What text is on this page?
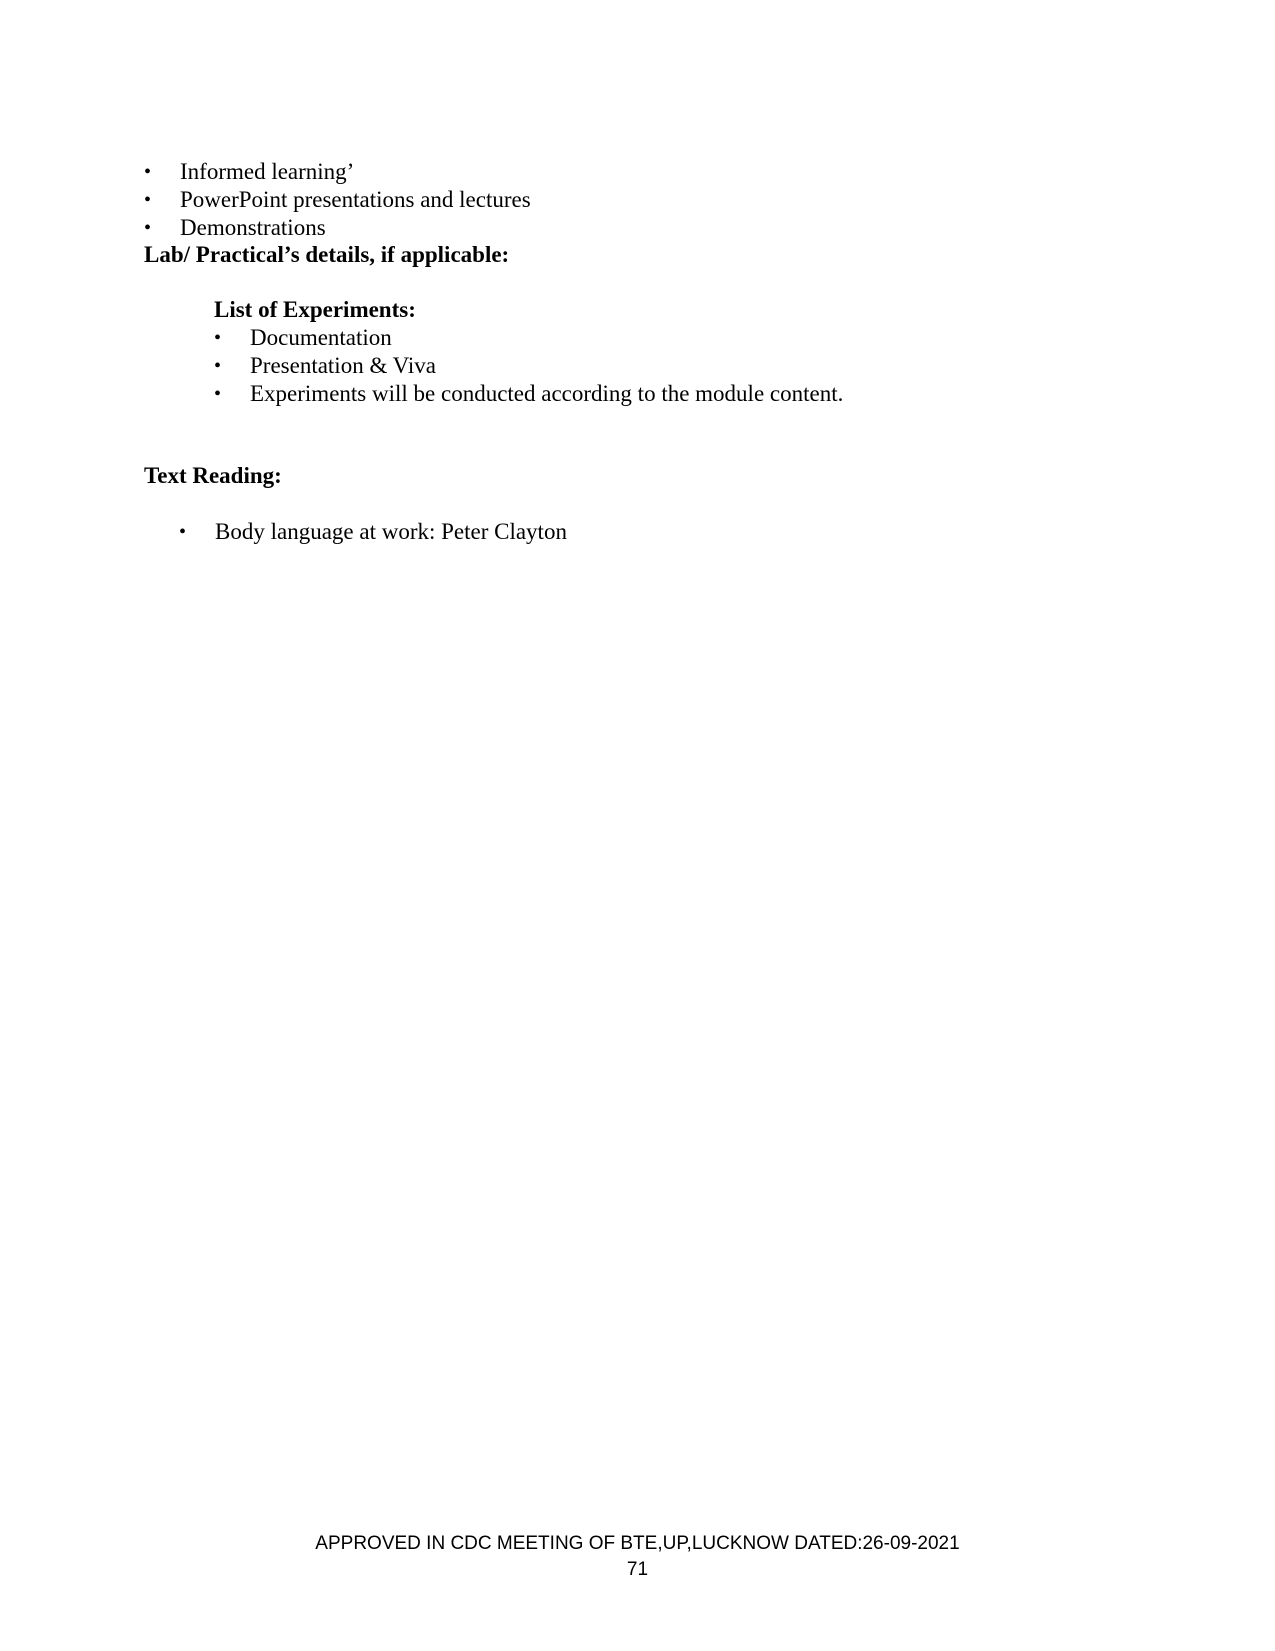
• Informed learning’
• PowerPoint presentations and lectures
• Demonstrations
Lab/ Practical’s details, if applicable:
List of Experiments:
• Documentation
• Presentation & Viva
• Experiments will be conducted according to the module content.
Text Reading:
• Body language at work: Peter Clayton
APPROVED IN CDC MEETING OF BTE,UP,LUCKNOW DATED:26-09-2021
71
